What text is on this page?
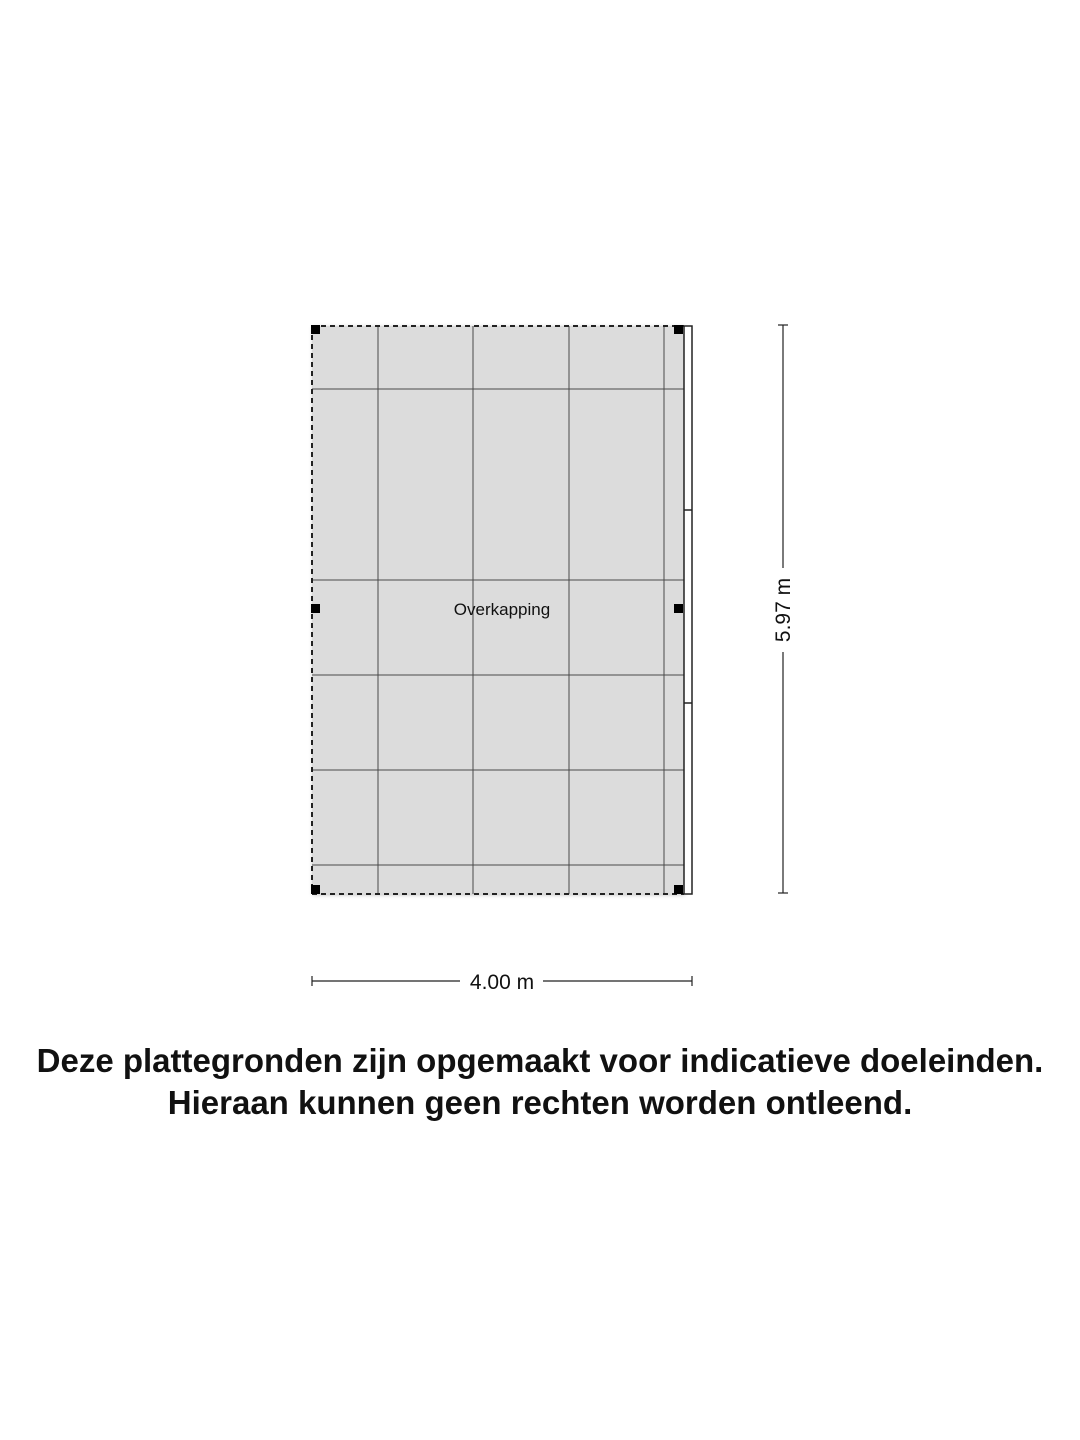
Overkapping	5.97 m
4.00 m
Deze plattegronden zijn opgemaakt voor indicatieve doeleinden.
Hieraan kunnen geen rechten worden ontleend.
